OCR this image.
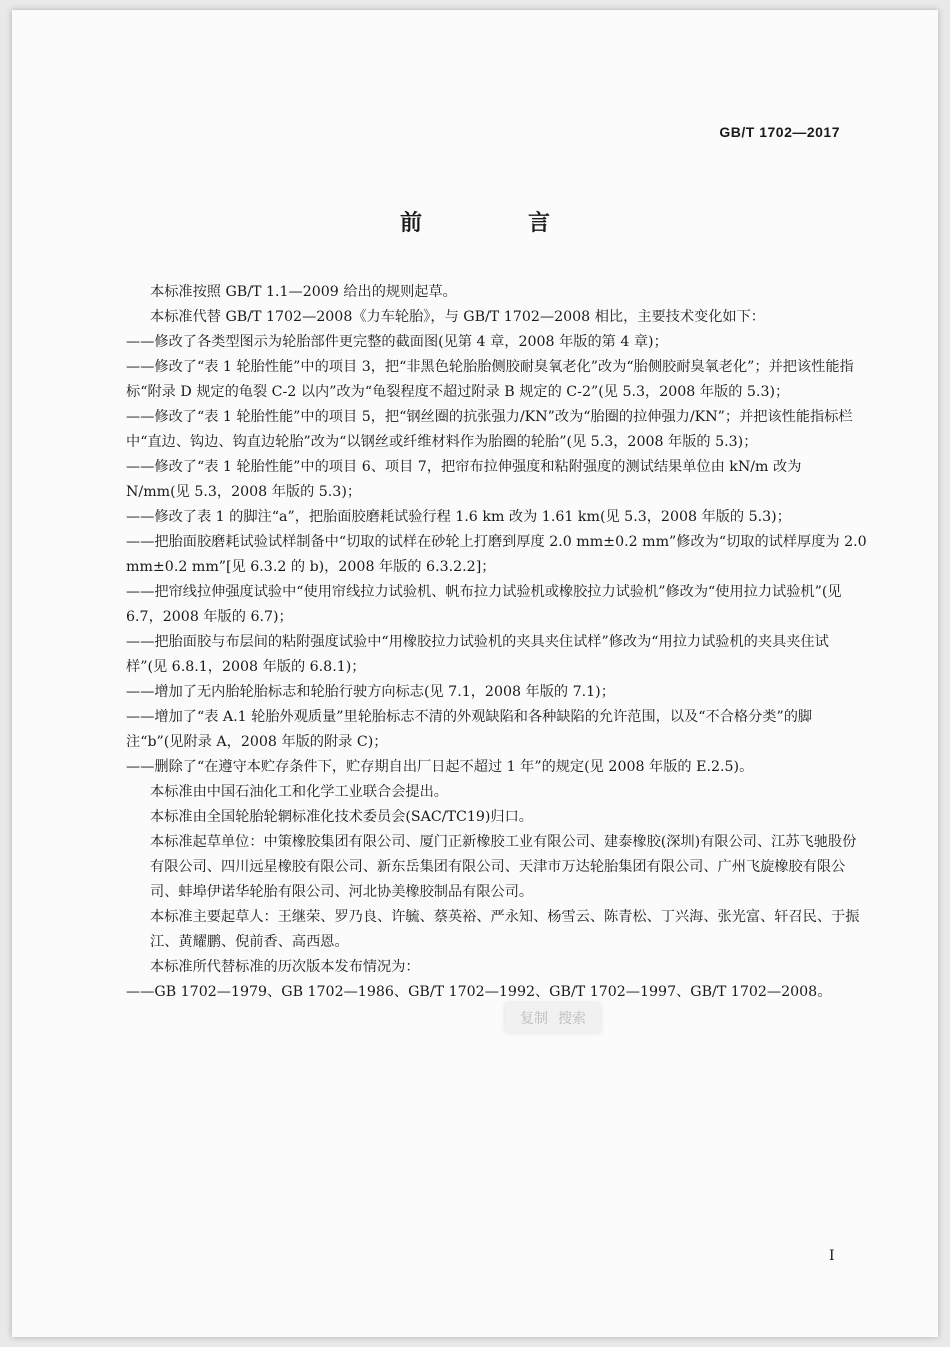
GB/T 1702—2017
前　言

本标准按照 GB/T 1.1—2009 给出的规则起草。

本标准代替 GB/T 1702—2008《力车轮胎》，与 GB/T 1702—2008 相比，主要技术变化如下：

——修改了各类型图示为轮胎部件更完整的截面图(见第 4 章，2008 年版的第 4 章)；

——修改了“表 1 轮胎性能”中的项目 3，把“非黑色轮胎胎侧胶耐臭氧老化”改为“胎侧胶耐臭氧老化”；并把该性能指标“附录 D 规定的龟裂 C-2 以内”改为“龟裂程度不超过附录 B 规定的 C-2”(见 5.3，2008 年版的 5.3)；

——修改了“表 1 轮胎性能”中的项目 5，把“钢丝圈的抗张强力/KN”改为“胎圈的拉伸强力/KN”；并把该性能指标栏中“直边、钩边、钩直边轮胎”改为“以钢丝或纤维材料作为胎圈的轮胎”(见 5.3，2008 年版的 5.3)；

——修改了“表 1 轮胎性能”中的项目 6、项目 7，把帘布拉伸强度和粘附强度的测试结果单位由 kN/m 改为 N/mm(见 5.3，2008 年版的 5.3)；

——修改了表 1 的脚注“a”，把胎面胶磨耗试验行程 1.6 km 改为 1.61 km(见 5.3，2008 年版的 5.3)；

——把胎面胶磨耗试验试样制备中“切取的试样在砂轮上打磨到厚度 2.0 mm±0.2 mm”修改为“切取的试样厚度为 2.0 mm±0.2 mm”[见 6.3.2 的 b)，2008 年版的 6.3.2.2]；

——把帘线拉伸强度试验中“使用帘线拉力试验机、帆布拉力试验机或橡胶拉力试验机”修改为“使用拉力试验机”(见 6.7，2008 年版的 6.7)；

——把胎面胶与布层间的粘附强度试验中“用橡胶拉力试验机的夹具夹住试样”修改为“用拉力试验机的夹具夹住试样”(见 6.8.1，2008 年版的 6.8.1)；

——增加了无内胎轮胎标志和轮胎行驶方向标志(见 7.1，2008 年版的 7.1)；

——增加了“表 A.1 轮胎外观质量”里轮胎标志不清的外观缺陷和各种缺陷的允许范围，以及“不合格分类”的脚注“b”(见附录 A，2008 年版的附录 C)；

——删除了“在遵守本贮存条件下，贮存期自出厂日起不超过 1 年”的规定(见 2008 年版的 E.2.5)。

本标准由中国石油化工和化学工业联合会提出。

本标准由全国轮胎轮辋标准化技术委员会(SAC/TC19)归口。

本标准起草单位：中策橡胶集团有限公司、厦门正新橡胶工业有限公司、建泰橡胶(深圳)有限公司、江苏飞驰股份有限公司、四川远星橡胶有限公司、新东岳集团有限公司、天津市万达轮胎集团有限公司、广州飞旋橡胶有限公司、蚌埠伊诺华轮胎有限公司、河北协美橡胶制品有限公司。

本标准主要起草人：王继荣、罗乃良、许毓、蔡英裕、严永知、杨雪云、陈青松、丁兴海、张光富、轩召民、于振江、黄耀鹏、倪前香、高西恩。

本标准所代替标准的历次版本发布情况为：

——GB 1702—1979、GB 1702—1986、GB/T 1702—1992、GB/T 1702—1997、GB/T 1702—2008。

复制 搜索
I
